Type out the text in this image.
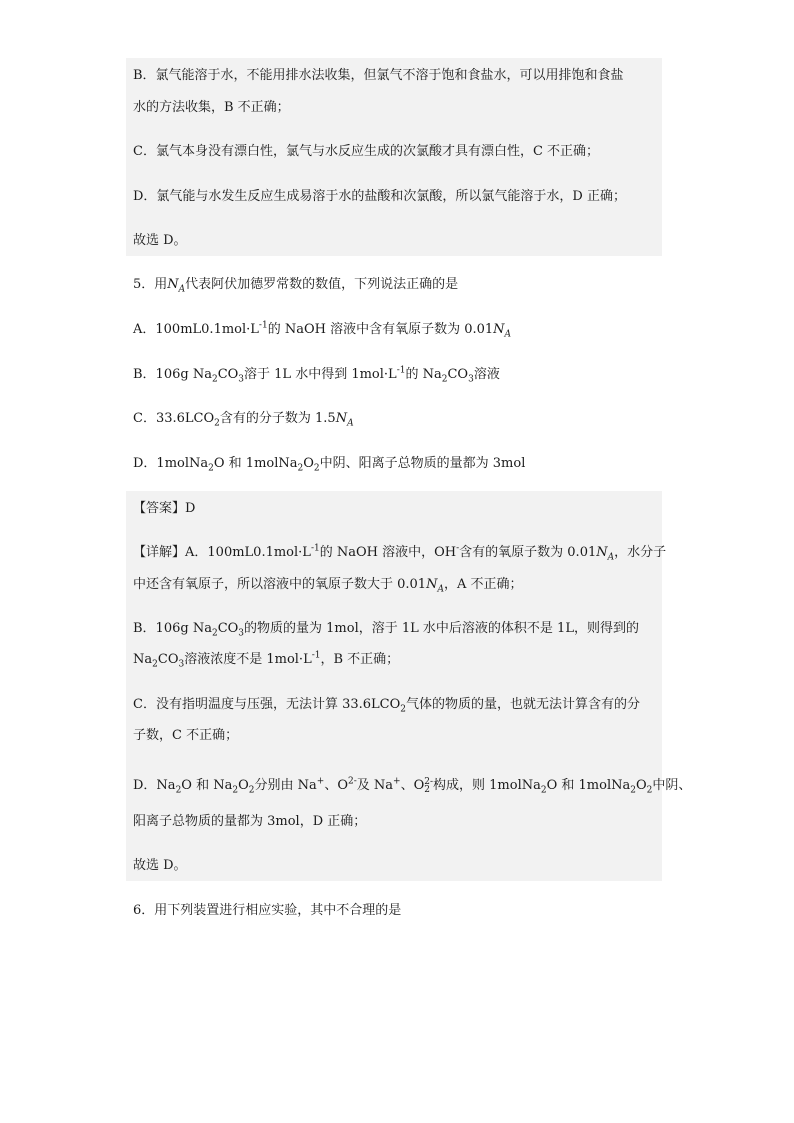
B．氯气能溶于水，不能用排水法收集，但氯气不溶于饱和食盐水，可以用排饱和食盐
水的方法收集，B 不正确；
C．氯气本身没有漂白性，氯气与水反应生成的次氯酸才具有漂白性，C 不正确；
D．氯气能与水发生反应生成易溶于水的盐酸和次氯酸，所以氯气能溶于水，D 正确；
故选 D。
5．用$N_A$代表阿伏加德罗常数的数值，下列说法正确的是
A．$100mL0.1mol\cdot L^{-1}$的 NaOH 溶液中含有氧原子数为 $0.01N_A$
B．106g $Na_2CO_3$溶于 1L 水中得到 $1mol\cdot L^{-1}$的 $Na_2CO_3$溶液
C．$33.6LCO_2$含有的分子数为 $1.5N_A$
D．1molNa$_2$O 和 $1molNa_2O_2$中阴、阳离子总物质的量都为 3mol
【答案】D
【详解】A．$100mL0.1mol\cdot L^{-1}$的 NaOH 溶液中，OH-含有的氧原子数为 $0.01N_A$，水分子
中还含有氧原子，所以溶液中的氧原子数大于 $0.01N_A$，A 不正确；
B．106g $Na_2CO_3$的物质的量为 1mol，溶于 1L 水中后溶液的体积不是 1L，则得到的
$Na_2CO_3$溶液浓度不是 $1mol\cdot L^{-1}$，B 不正确；
C．没有指明温度与压强，无法计算 $33.6LCO_2$气体的物质的量，也就无法计算含有的分
子数，C 不正确；
D．$Na_2O$ 和 $Na_2O_2$分别由 Na+、$O^{2-}$及 Na+、O 2-
2 构成，则 1molNa$_2$O 和 $1molNa_2O_2$中阴、
阳离子总物质的量都为 3mol，D 正确；
故选 D。
6．用下列装置进行相应实验，其中不合理的是
